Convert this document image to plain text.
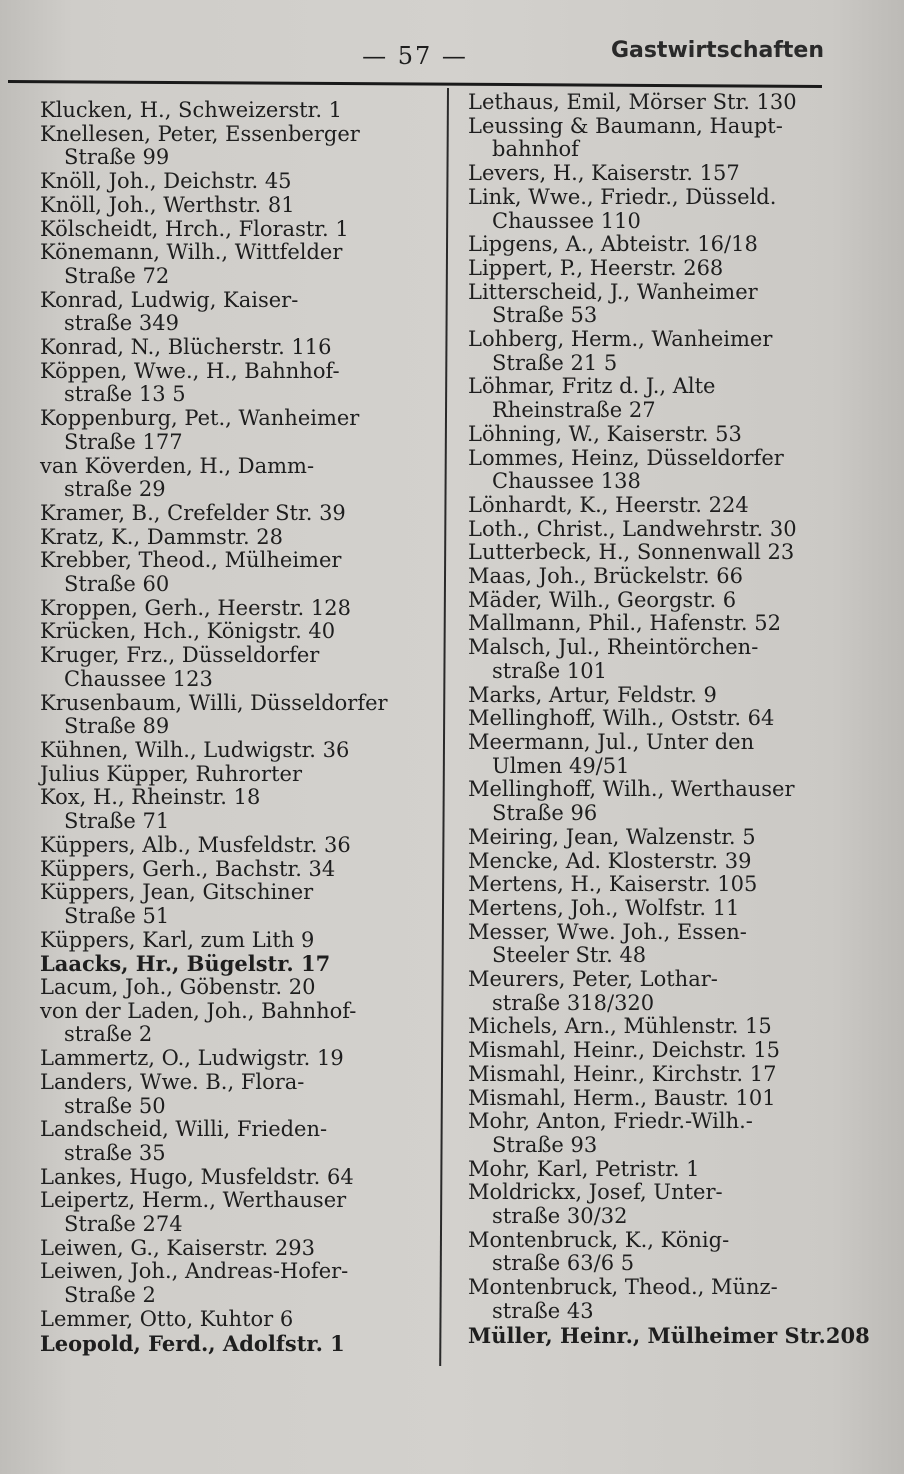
— 57 —	Gastwirtschaften
Klucken, H., Schweizerstr. 1
Knellesen, Peter, Essenberger
Straße 99
Knöll, Joh., Deichstr. 45
Knöll, Joh., Werthstr. 81
Kölscheidt, Hrch., Florastr. 1
Könemann, Wilh., Wittfelder
Straße 72
Konrad, Ludwig, Kaiser-
straße 349
Konrad, N., Blücherstr. 116
Köppen, Wwe., H., Bahnhof-
straße 13 5
Koppenburg, Pet., Wanheimer
Straße 177
van Köverden, H., Damm-
straße 29
Kramer, B., Crefelder Str. 39
Kratz, K., Dammstr. 28
Krebber, Theod., Mülheimer
Straße 60
Kroppen, Gerh., Heerstr. 128
Krücken, Hch., Königstr. 40
Kruger, Frz., Düsseldorfer
Chaussee 123
Krusenbaum, Willi, Düsseldorfer
Straße 89
Kühnen, Wilh., Ludwigstr. 36
Julius Küpper, Ruhrorter
Kox, H., Rheinstr. 18
Straße 71
Küppers, Alb., Musfeldstr. 36
Küppers, Gerh., Bachstr. 34
Küppers, Jean, Gitschiner
Straße 51
Küppers, Karl, zum Lith 9
Laacks, Hr., Bügelstr. 17
Lacum, Joh., Göbenstr. 20
von der Laden, Joh., Bahnhof-
straße 2
Lammertz, O., Ludwigstr. 19
Landers, Wwe. B., Flora-
straße 50
Landscheid, Willi, Frieden-
straße 35
Lankes, Hugo, Musfeldstr. 64
Leipertz, Herm., Werthauser
Straße 274
Leiwen, G., Kaiserstr. 293
Leiwen, Joh., Andreas-Hofer-
Straße 2
Lemmer, Otto, Kuhtor 6
Leopold, Ferd., Adolfstr. 1
Lethaus, Emil, Mörser Str. 130
Leussing & Baumann, Haupt-
bahnhof
Levers, H., Kaiserstr. 157
Link, Wwe., Friedr., Düsseld.
Chaussee 110
Lipgens, A., Abteistr. 16/18
Lippert, P., Heerstr. 268
Litterscheid, J., Wanheimer
Straße 53
Lohberg, Herm., Wanheimer
Straße 21 5
Löhmar, Fritz d. J., Alte
Rheinstraße 27
Löhning, W., Kaiserstr. 53
Lommes, Heinz, Düsseldorfer
Chaussee 138
Lönhardt, K., Heerstr. 224
Loth., Christ., Landwehrstr. 30
Lutterbeck, H., Sonnenwall 23
Maas, Joh., Brückelstr. 66
Mäder, Wilh., Georgstr. 6
Mallmann, Phil., Hafenstr. 52
Malsch, Jul., Rheintörchen-
straße 101
Marks, Artur, Feldstr. 9
Mellinghoff, Wilh., Oststr. 64
Meermann, Jul., Unter den
Ulmen 49/51
Mellinghoff, Wilh., Werthauser
Straße 96
Meiring, Jean, Walzenstr. 5
Mencke, Ad. Klosterstr. 39
Mertens, H., Kaiserstr. 105
Mertens, Joh., Wolfstr. 11
Messer, Wwe. Joh., Essen-
Steeler Str. 48
Meurers, Peter, Lothar-
straße 318/320
Michels, Arn., Mühlenstr. 15
Mismahl, Heinr., Deichstr. 15
Mismahl, Heinr., Kirchstr. 17
Mismahl, Herm., Baustr. 101
Mohr, Anton, Friedr.-Wilh.-
Straße 93
Mohr, Karl, Petristr. 1
Moldrickx, Josef, Unter-
straße 30/32
Montenbruck, K., König-
straße 63/6 5
Montenbruck, Theod., Münz-
straße 43
Müller, Heinr., Mülheimer Str.208
